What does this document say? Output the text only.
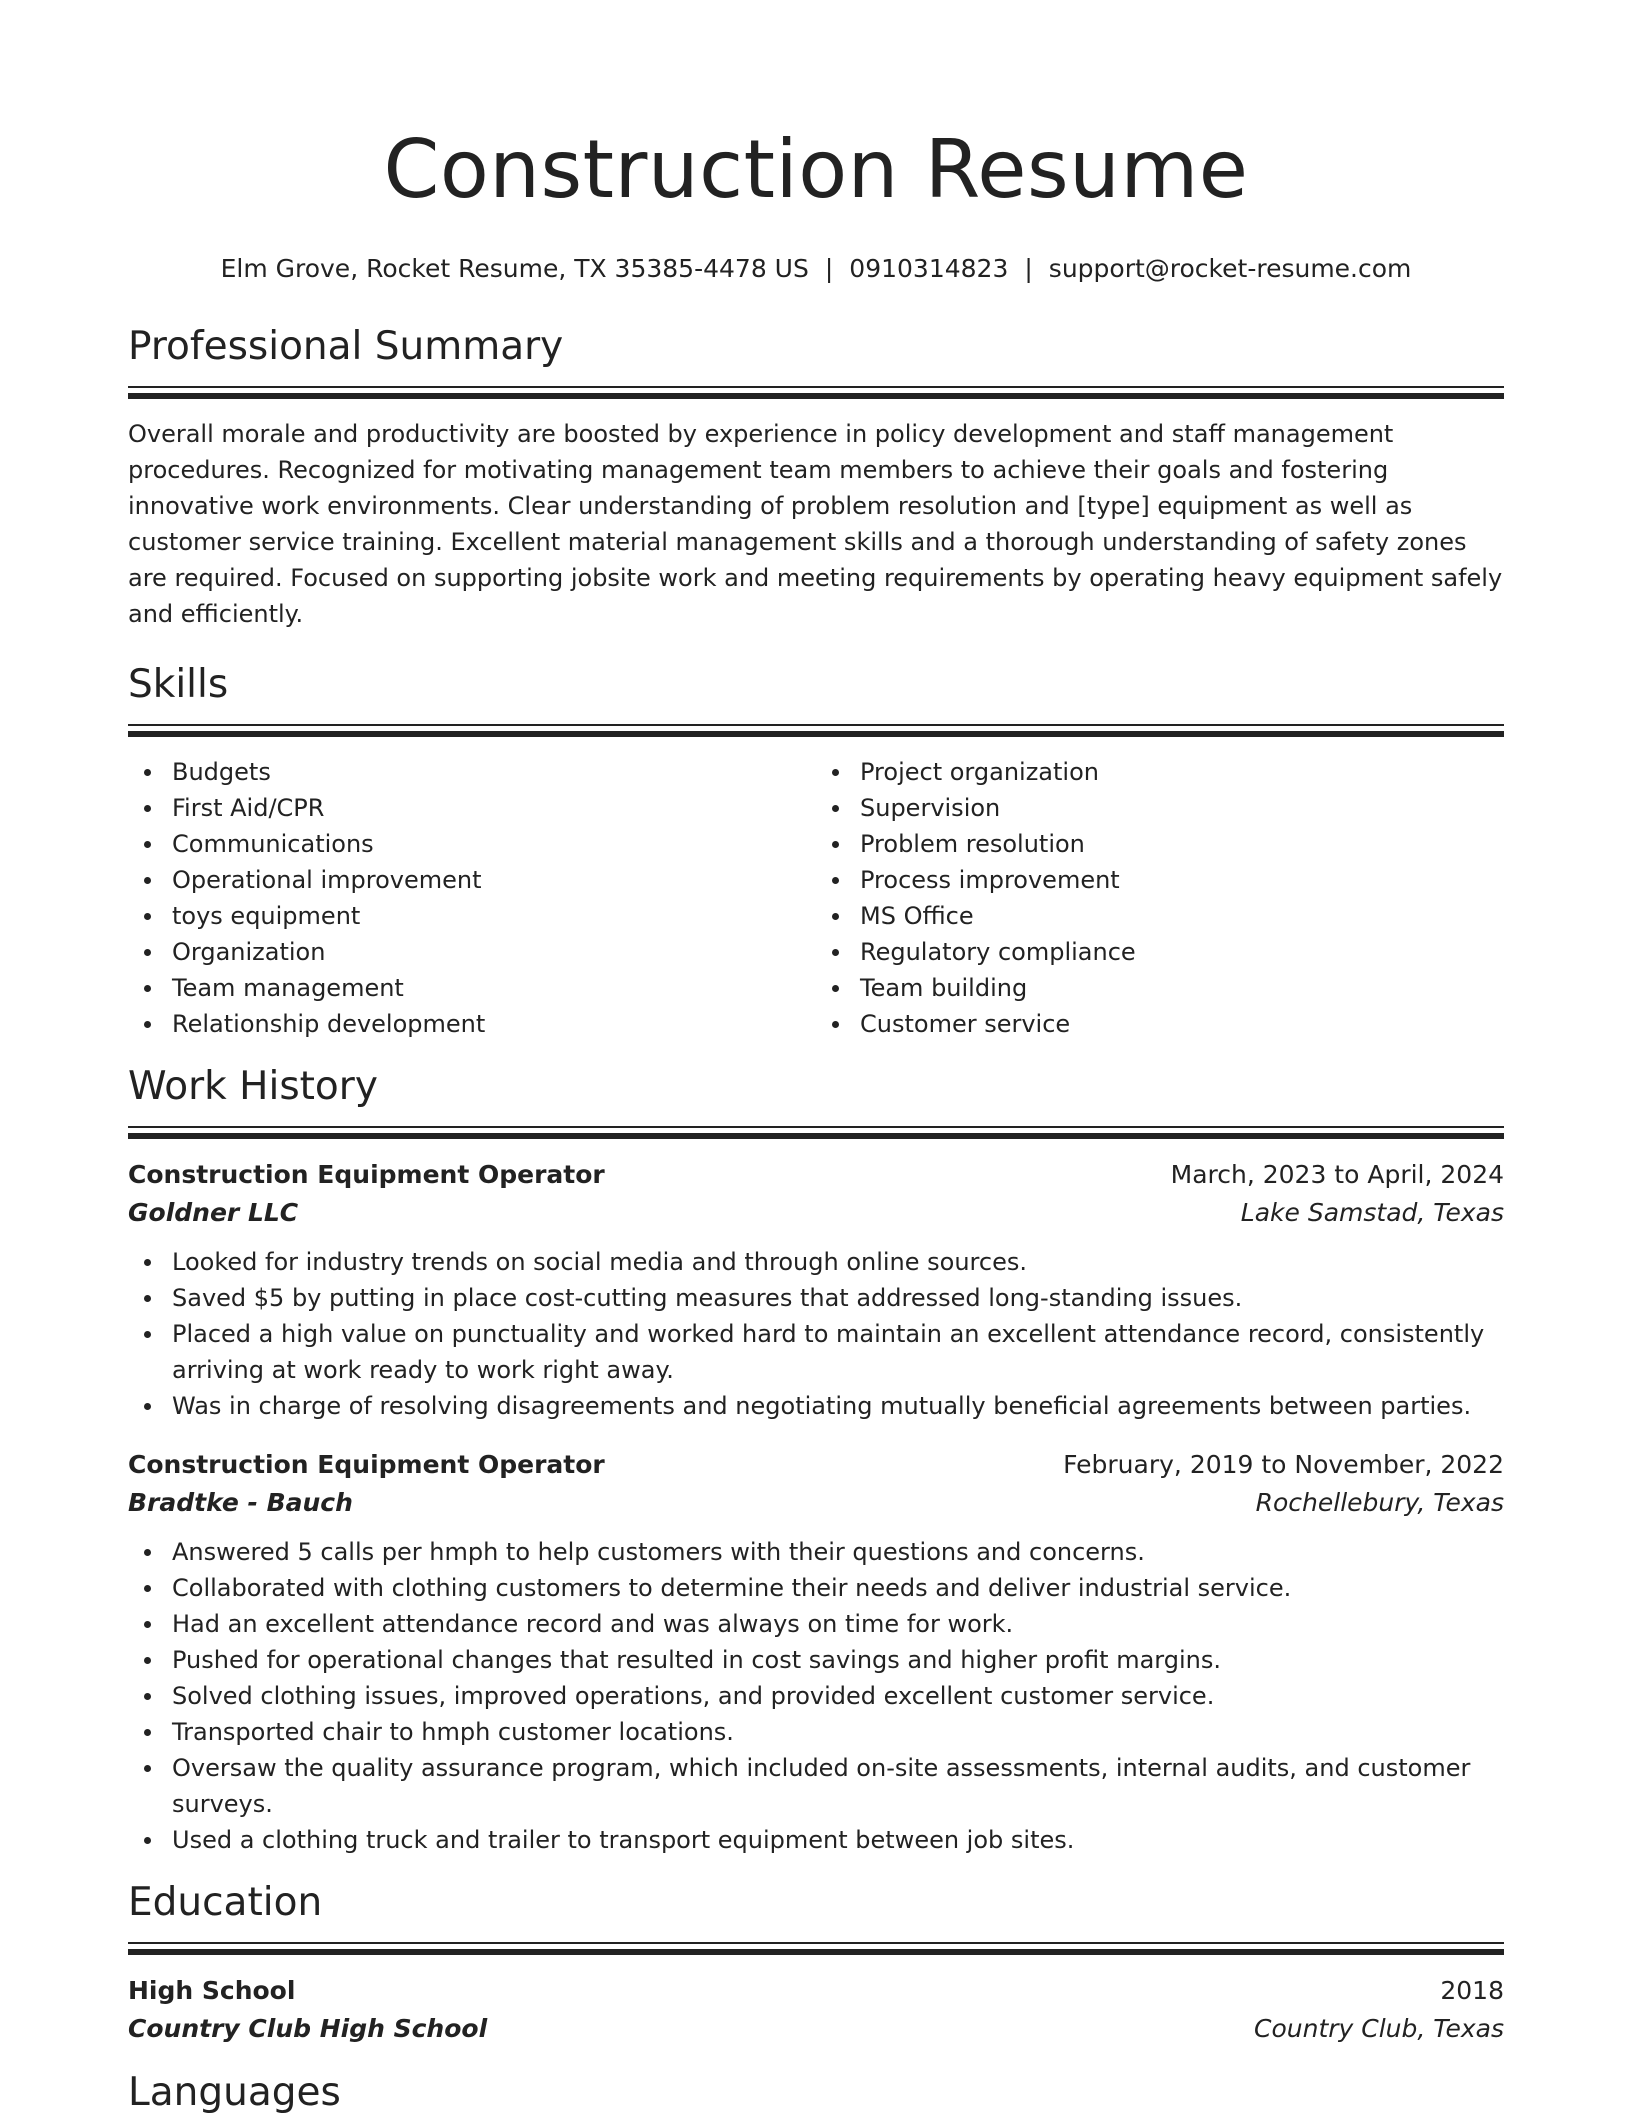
Construction Resume
Elm Grove, Rocket Resume, TX 35385-4478 US | 0910314823 | support@rocket-resume.com
Professional Summary

Overall morale and productivity are boosted by experience in policy development and staff management procedures. Recognized for motivating management team members to achieve their goals and fostering innovative work environments. Clear understanding of problem resolution and [type] equipment as well as customer service training. Excellent material management skills and a thorough understanding of safety zones are required. Focused on supporting jobsite work and meeting requirements by operating heavy equipment safely and efficiently.

Skills
Budgets
First Aid/CPR
Communications
Operational improvement
toys equipment
Organization
Team management
Relationship development
Project organization
Supervision
Problem resolution
Process improvement
MS Office
Regulatory compliance
Team building
Customer service
Work History
Construction Equipment Operator	March, 2023 to April, 2024
Goldner LLC	Lake Samstad, Texas
Looked for industry trends on social media and through online sources.
Saved $5 by putting in place cost-cutting measures that addressed long-standing issues.
Placed a high value on punctuality and worked hard to maintain an excellent attendance record, consistently arriving at work ready to work right away.
Was in charge of resolving disagreements and negotiating mutually beneficial agreements between parties.
Construction Equipment Operator	February, 2019 to November, 2022
Bradtke - Bauch	Rochellebury, Texas
Answered 5 calls per hmph to help customers with their questions and concerns.
Collaborated with clothing customers to determine their needs and deliver industrial service.
Had an excellent attendance record and was always on time for work.
Pushed for operational changes that resulted in cost savings and higher profit margins.
Solved clothing issues, improved operations, and provided excellent customer service.
Transported chair to hmph customer locations.
Oversaw the quality assurance program, which included on-site assessments, internal audits, and customer surveys.
Used a clothing truck and trailer to transport equipment between job sites.
Education
High School	2018
Country Club High School	Country Club, Texas
Languages
